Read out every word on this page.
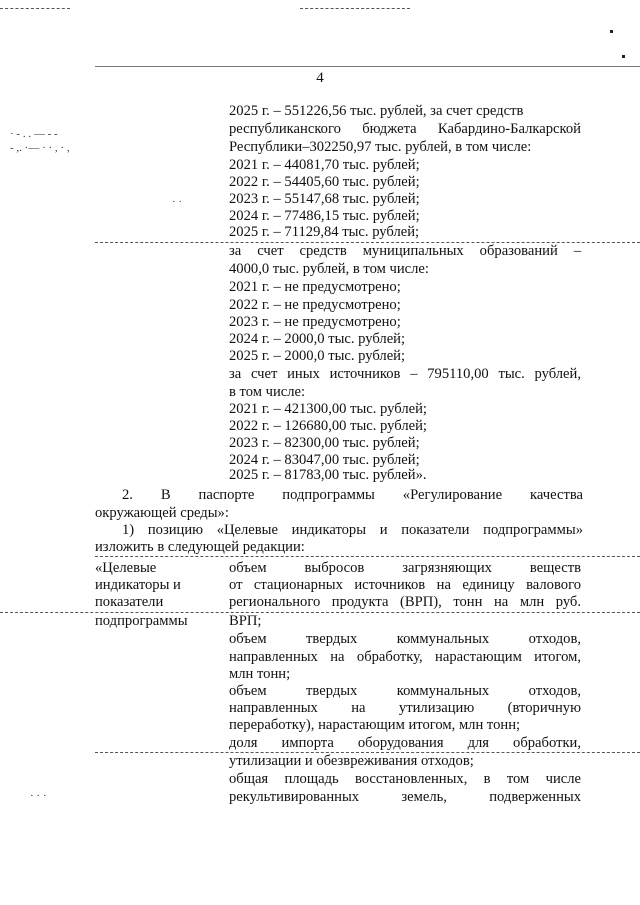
4
· - . . — - -
- ,. ·— · · , · ,
· ·
2025 г. – 551226,56 тыс. рублей, за счет средств
республиканского бюджета Кабардино-Балкарской
Республики–302250,97 тыс. рублей, в том числе:
2021 г. – 44081,70 тыс. рублей;
2022 г. – 54405,60 тыс. рублей;
2023 г. – 55147,68 тыс. рублей;
2024 г. – 77486,15 тыс. рублей;
2025 г. – 71129,84 тыс. рублей;
за счет средств муниципальных образований –
4000,0 тыс. рублей, в том числе:
2021 г. – не предусмотрено;
2022 г. – не предусмотрено;
2023 г. – не предусмотрено;
2024 г. – 2000,0 тыс. рублей;
2025 г. – 2000,0 тыс. рублей;
за счет иных источников – 795110,00 тыс. рублей,
в том числе:
2021 г. – 421300,00 тыс. рублей;
2022 г. – 126680,00 тыс. рублей;
2023 г. – 82300,00 тыс. рублей;
2024 г. – 83047,00 тыс. рублей;
2025 г. – 81783,00 тыс. рублей».
2. В паспорте подпрограммы «Регулирование качества
окружающей среды»:
1) позицию «Целевые индикаторы и показатели подпрограммы»
изложить в следующей редакции:
«Целевые
индикаторы и
показатели
подпрограммы
объем выбросов загрязняющих веществ
от стационарных источников на единицу валового
регионального продукта (ВРП), тонн на млн руб.
ВРП;
объем твердых коммунальных отходов,
направленных на обработку, нарастающим итогом,
млн тонн;
объем твердых коммунальных отходов,
направленных на утилизацию (вторичную
переработку), нарастающим итогом, млн тонн;
доля импорта оборудования для обработки,
утилизации и обезвреживания отходов;
общая площадь восстановленных, в том числе
рекультивированных земель, подверженных
· · ·
